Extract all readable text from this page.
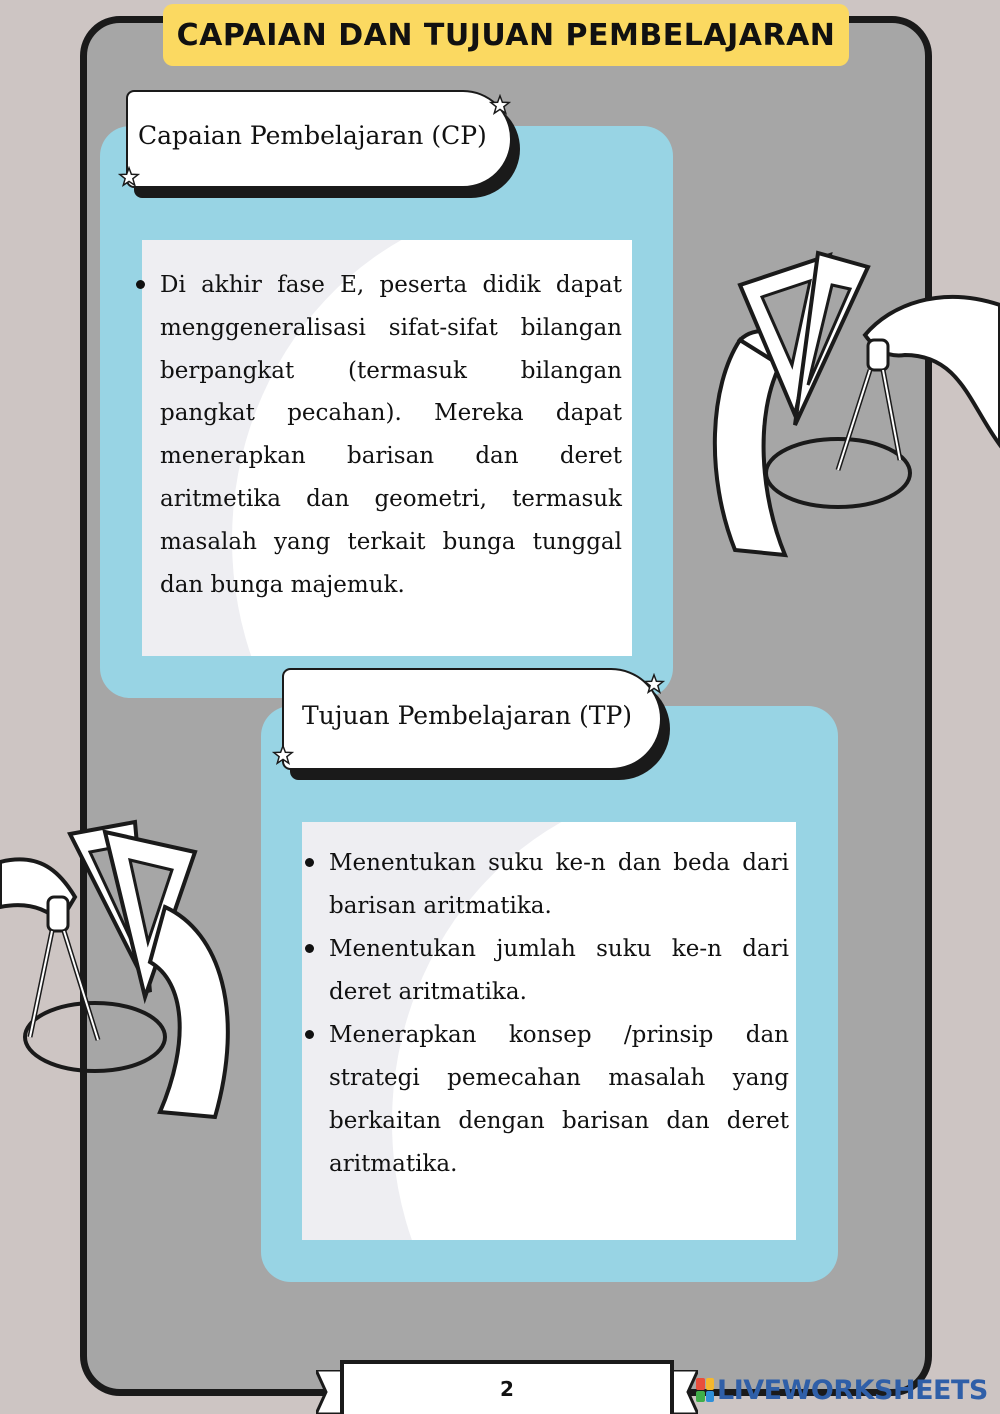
CAPAIAN DAN TUJUAN PEMBELAJARAN
Capaian Pembelajaran (CP)
Di akhir fase E, peserta didik dapat menggeneralisasi sifat-sifat bilangan berpangkat (termasuk bilangan pangkat pecahan). Mereka dapat menerapkan barisan dan deret aritmetika dan geometri, termasuk masalah yang terkait bunga tunggal dan bunga majemuk.
Tujuan Pembelajaran (TP)
Menentukan suku ke-n dan beda dari barisan aritmatika.
Menentukan jumlah suku ke-n dari deret aritmatika.
Menerapkan konsep /prinsip dan strategi pemecahan masalah yang berkaitan dengan barisan dan deret aritmatika.
2	LIVEWORKSHEETS
